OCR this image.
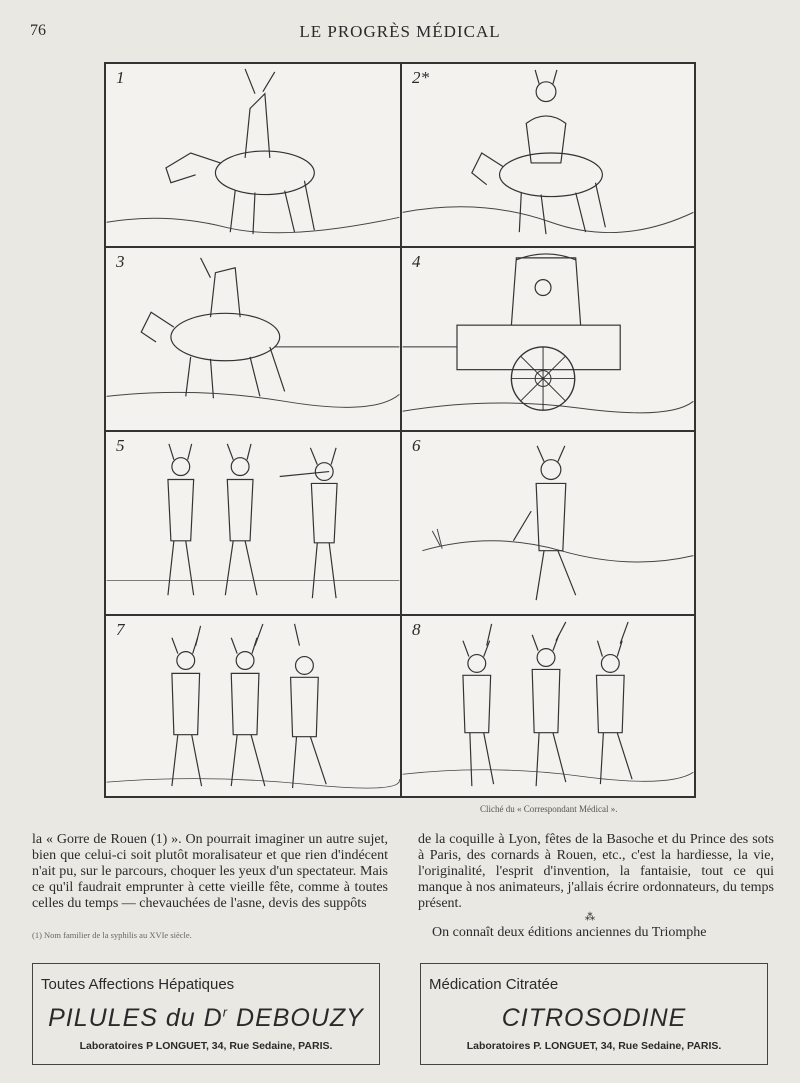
76	LE PROGRÈS MÉDICAL
1	2*
3	4
5	6
7	8
Cliché du « Correspondant Médical ».
la « Gorre de Rouen (1) ». On pourrait imaginer un autre sujet, bien que celui-ci soit plutôt moralisateur et que rien d'indécent n'ait pu, sur le parcours, choquer les yeux d'un spectateur. Mais ce qu'il faudrait emprunter à cette vieille fête, comme à toutes celles du temps — chevauchées de l'asne, devis des suppôts
(1) Nom familier de la syphilis au XVIe siècle.
de la coquille à Lyon, fêtes de la Basoche et du Prince des sots à Paris, des cornards à Rouen, etc., c'est la hardiesse, la vie, l'originalité, l'esprit d'invention, la fantaisie, tout ce qui manque à nos animateurs, j'allais écrire ordonnateurs, du temps présent.
⁂
On connaît deux éditions anciennes du Triomphe
Toutes Affections Hépatiques
PILULES du $D^r$ DEBOUZY
Laboratoires P LONGUET, 34, Rue Sedaine, PARIS.
Médication Citratée
CITROSODINE
Laboratoires P. LONGUET, 34, Rue Sedaine, PARIS.
